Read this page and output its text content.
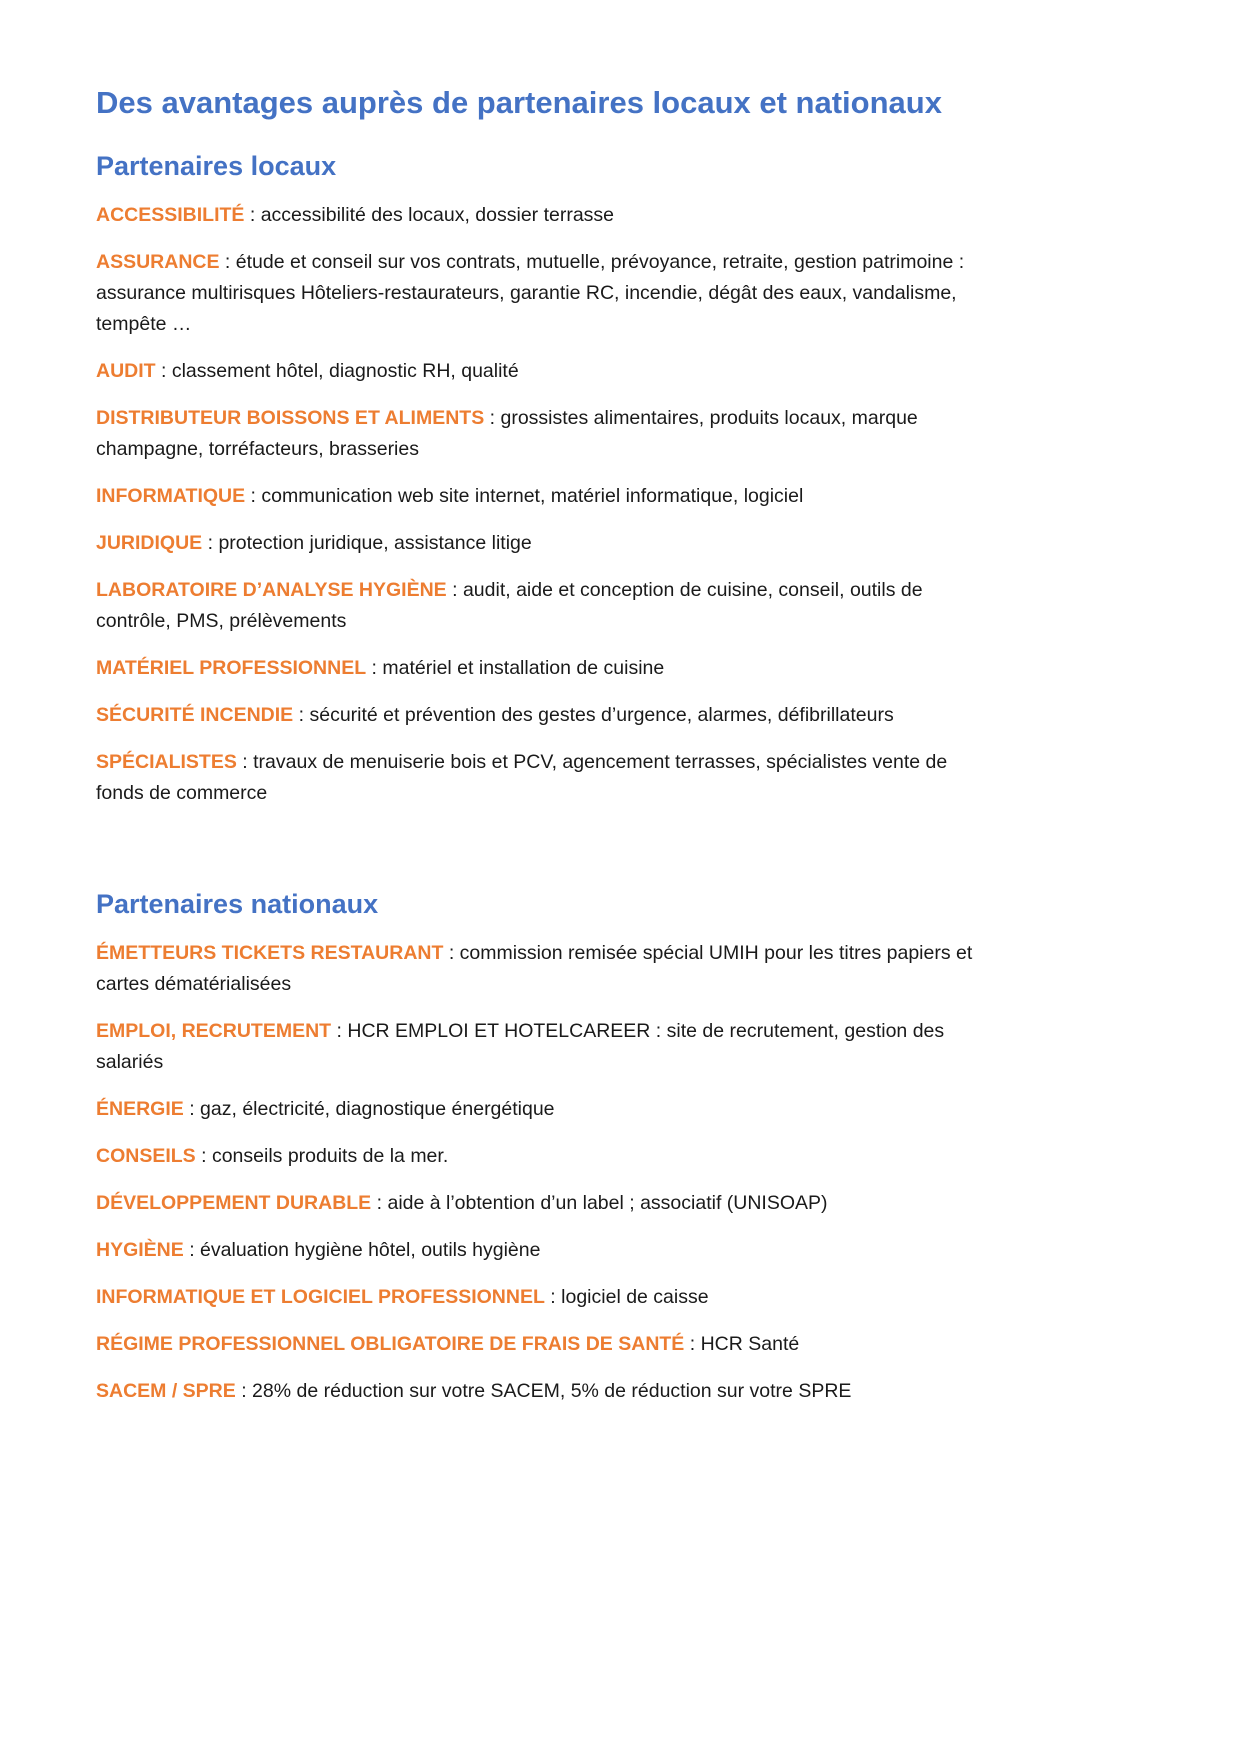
Des avantages auprès de partenaires locaux et nationaux
Partenaires locaux
ACCESSIBILITÉ : accessibilité des locaux, dossier terrasse
ASSURANCE : étude et conseil sur vos contrats, mutuelle, prévoyance, retraite, gestion patrimoine : assurance multirisques Hôteliers-restaurateurs, garantie RC, incendie, dégât des eaux, vandalisme, tempête …
AUDIT : classement hôtel, diagnostic RH, qualité
DISTRIBUTEUR BOISSONS ET ALIMENTS : grossistes alimentaires, produits locaux, marque champagne, torréfacteurs, brasseries
INFORMATIQUE : communication web site internet, matériel informatique, logiciel
JURIDIQUE : protection juridique, assistance litige
LABORATOIRE D’ANALYSE HYGIÈNE : audit, aide et conception de cuisine, conseil, outils de contrôle, PMS, prélèvements
MATÉRIEL PROFESSIONNEL : matériel et installation de cuisine
SÉCURITÉ INCENDIE : sécurité et prévention des gestes d’urgence, alarmes, défibrillateurs
SPÉCIALISTES : travaux de menuiserie bois et PCV, agencement terrasses, spécialistes vente de fonds de commerce
Partenaires nationaux
ÉMETTEURS TICKETS RESTAURANT : commission remisée spécial UMIH pour les titres papiers et cartes dématérialisées
EMPLOI, RECRUTEMENT : HCR EMPLOI ET HOTELCAREER : site de recrutement, gestion des salariés
ÉNERGIE : gaz, électricité, diagnostique énergétique
CONSEILS : conseils produits de la mer.
DÉVELOPPEMENT DURABLE : aide à l’obtention d’un label ; associatif (UNISOAP)
HYGIÈNE : évaluation hygiène hôtel, outils hygiène
INFORMATIQUE ET LOGICIEL PROFESSIONNEL : logiciel de caisse
RÉGIME PROFESSIONNEL OBLIGATOIRE DE FRAIS DE SANTÉ : HCR Santé
SACEM / SPRE : 28% de réduction sur votre SACEM, 5% de réduction sur votre SPRE
